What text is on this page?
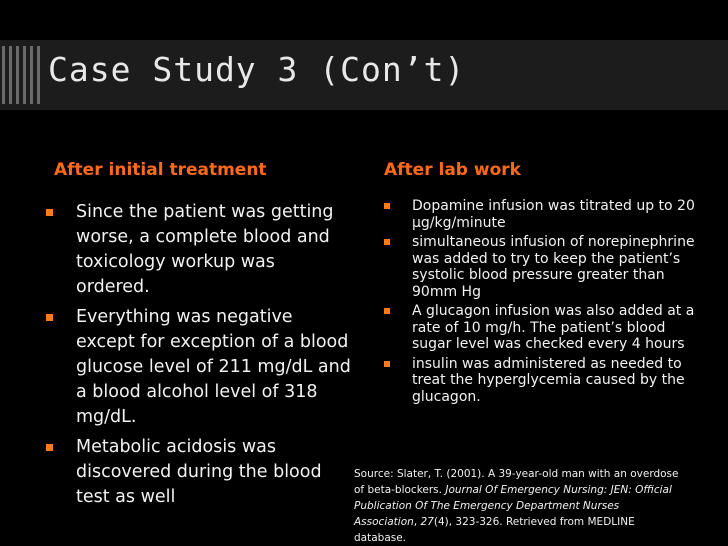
Case Study 3 (Con’t)
After initial treatment	After lab work
Since the patient was getting worse, a complete blood and toxicology workup was ordered.
Everything was negative except for exception of a blood glucose level of 211 mg/dL and a blood alcohol level of 318 mg/dL.
Metabolic acidosis was discovered during the blood test as well
Dopamine infusion was titrated up to 20 µg/kg/minute
simultaneous infusion of norepinephrine was added to try to keep the patient’s systolic blood pressure greater than 90mm Hg
A glucagon infusion was also added at a rate of 10 mg/h. The patient’s blood sugar level was checked every 4 hours
insulin was administered as needed to treat the hyperglycemia caused by the glucagon.
Source: Slater, T. (2001). A 39-year-old man with an overdose of beta-blockers. Journal Of Emergency Nursing: JEN: Official Publication Of The Emergency Department Nurses Association, 27(4), 323-326. Retrieved from MEDLINE database.
